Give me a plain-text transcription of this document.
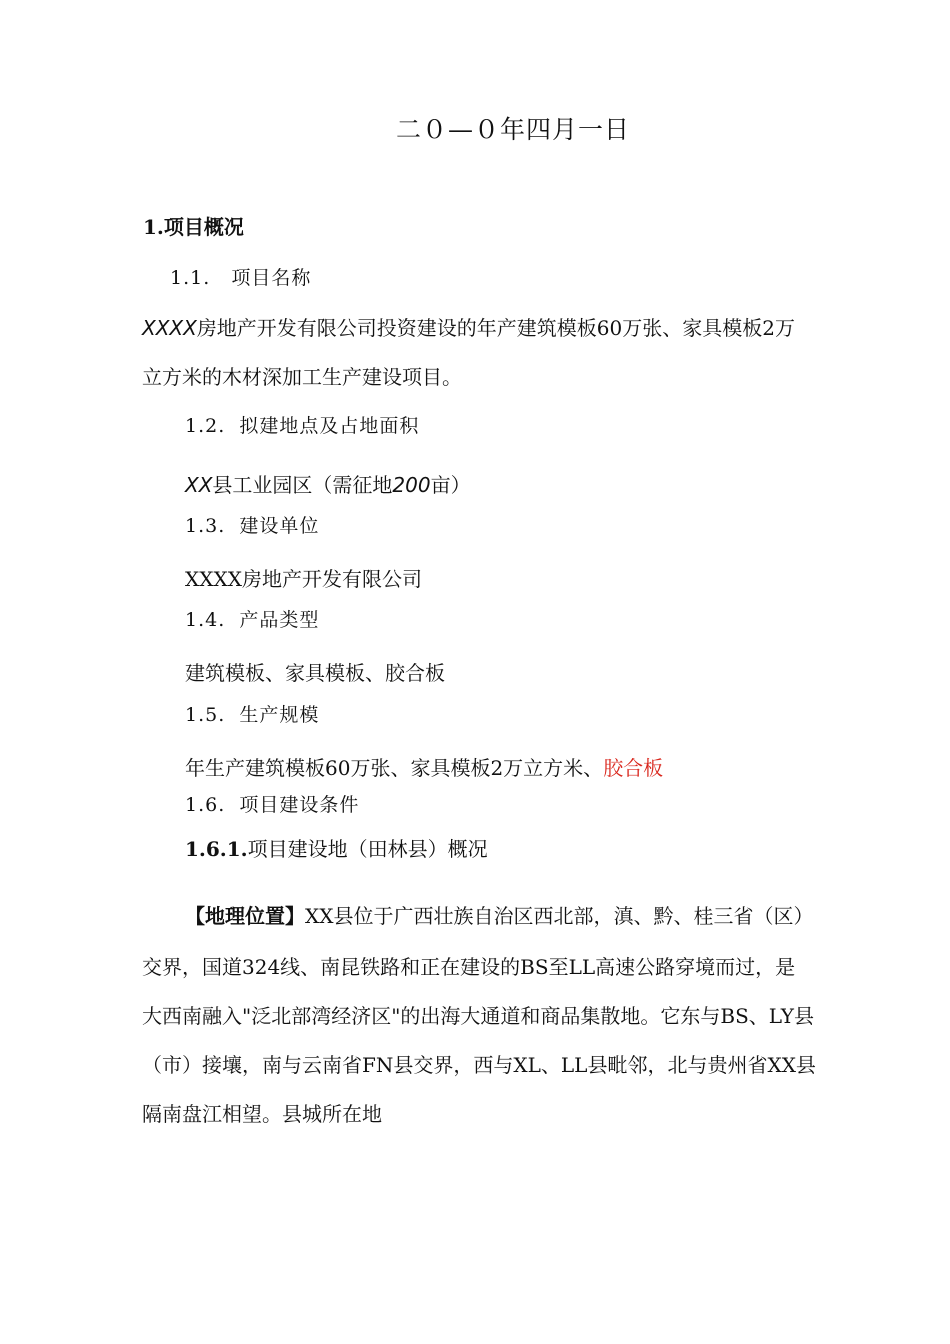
二０—０年四月一日
1.项目概况
1.1. 项目名称
XXXX房地产开发有限公司投资建设的年产建筑模板60万张、家具模板2万
立方米的木材深加工生产建设项目。
1.2. 拟建地点及占地面积
XX县工业园区（需征地200亩）
1.3. 建设单位
XXXX房地产开发有限公司
1.4. 产品类型
建筑模板、家具模板、胶合板
1.5. 生产规模
年生产建筑模板60万张、家具模板2万立方米、胶合板
1.6. 项目建设条件
1.6.1.项目建设地（田林县）概况
【地理位置】XX县位于广西壮族自治区西北部，滇、黔、桂三省（区）
交界，国道324线、南昆铁路和正在建设的BS至LL高速公路穿境而过，是
大西南融入"泛北部湾经济区"的出海大通道和商品集散地。它东与BS、LY县
（市）接壤，南与云南省FN县交界，西与XL、LL县毗邻，北与贵州省XX县
隔南盘江相望。县城所在地
